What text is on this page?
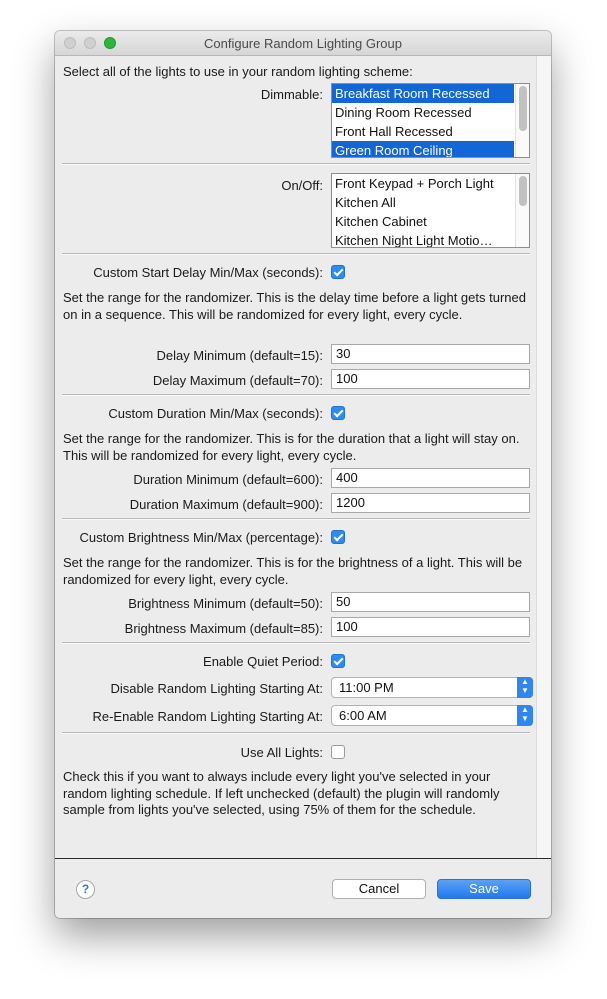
Configure Random Lighting Group
Select all of the lights to use in your random lighting scheme:
Dimmable: Breakfast Room Recessed
Dining Room Recessed
Front Hall Recessed
Green Room Ceiling
On/Off: Front Keypad + Porch Light
Kitchen All
Kitchen Cabinet
Kitchen Night Light Motio…
Custom Start Delay Min/Max (seconds):
Set the range for the randomizer. This is the delay time before a light gets turned on in a sequence. This will be randomized for every light, every cycle.
Delay Minimum (default=15):	30
Delay Maximum (default=70):	100
Custom Duration Min/Max (seconds):
Set the range for the randomizer. This is for the duration that a light will stay on. This will be randomized for every light, every cycle.
Duration Minimum (default=600):	400
Duration Maximum (default=900):	1200
Custom Brightness Min/Max (percentage):
Set the range for the randomizer. This is for the brightness of a light. This will be randomized for every light, every cycle.
Brightness Minimum (default=50):	50
Brightness Maximum (default=85):	100
Enable Quiet Period:
Disable Random Lighting Starting At: 11:00 PM	▲
▼
Re-Enable Random Lighting Starting At: 6:00 AM	▲
▼
Use All Lights:
Check this if you want to always include every light you've selected in your random lighting schedule. If left unchecked (default) the plugin will randomly sample from lights you've selected, using 75% of them for the schedule.
?	Cancel	Save
